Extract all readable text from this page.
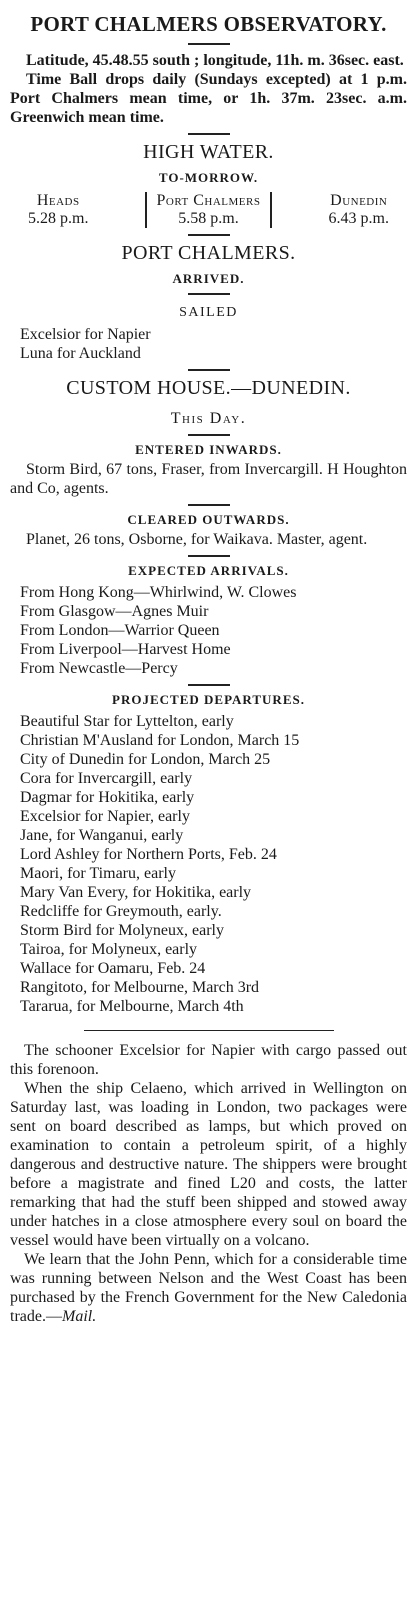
PORT CHALMERS OBSERVATORY.

Latitude, 45.48.55 south ; longitude, 11h. m. 36sec. east.

Time Ball drops daily (Sundays excepted) at 1 p.m. Port Chalmers mean time, or 1h. 37m. 23sec. a.m. Greenwich mean time.

HIGH WATER.
TO-MORROW.
Heads
5.28 p.m.
Port Chalmers
5.58 p.m.
Dunedin
6.43 p.m.
PORT CHALMERS.
ARRIVED.
SAILED
Excelsior for Napier
Luna for Auckland
CUSTOM HOUSE.—DUNEDIN.
This Day.
ENTERED INWARDS.

Storm Bird, 67 tons, Fraser, from Invercargill. H Houghton and Co, agents.

CLEARED OUTWARDS.

Planet, 26 tons, Osborne, for Waikava. Master, agent.

EXPECTED ARRIVALS.
From Hong Kong—Whirlwind, W. Clowes
From Glasgow—Agnes Muir
From London—Warrior Queen
From Liverpool—Harvest Home
From Newcastle—Percy
PROJECTED DEPARTURES.
Beautiful Star for Lyttelton, early
Christian M'Ausland for London, March 15
City of Dunedin for London, March 25
Cora for Invercargill, early
Dagmar for Hokitika, early
Excelsior for Napier, early
Jane, for Wanganui, early
Lord Ashley for Northern Ports, Feb. 24
Maori, for Timaru, early
Mary Van Every, for Hokitika, early
Redcliffe for Greymouth, early.
Storm Bird for Molyneux, early
Tairoa, for Molyneux, early
Wallace for Oamaru, Feb. 24
Rangitoto, for Melbourne, March 3rd
Tararua, for Melbourne, March 4th

The schooner Excelsior for Napier with cargo passed out this forenoon.

When the ship Celaeno, which arrived in Wellington on Saturday last, was loading in London, two packages were sent on board described as lamps, but which proved on examination to contain a petroleum spirit, of a highly dangerous and destructive nature. The shippers were brought before a magistrate and fined L20 and costs, the latter remarking that had the stuff been shipped and stowed away under hatches in a close atmosphere every soul on board the vessel would have been virtually on a volcano.

We learn that the John Penn, which for a considerable time was running between Nelson and the West Coast has been purchased by the French Government for the New Caledonia trade.—Mail.
